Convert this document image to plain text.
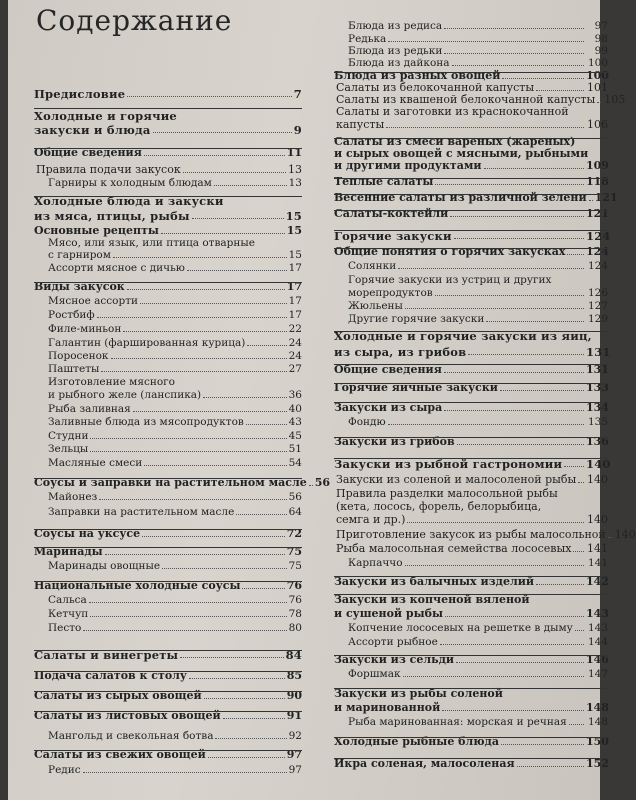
Содержание
Предисловие	7
Холодные и горячие
закуски и блюда	9
Общие сведения	11
Правила подачи закусок	13
Гарниры к холодным блюдам	13
Холодные блюда и закуски
из мяса, птицы, рыбы	15
Основные рецепты	15
Мясо, или язык, или птица отварные
с гарниром	15
Ассорти мясное с дичью	17
Виды закусок	17
Мясное ассорти	17
Ростбиф	17
Филе-миньон	22
Галантин (фаршированная курица)	24
Поросенок	24
Паштеты	27
Изготовление мясного
и рыбного желе (ланспика)	36
Рыба заливная	40
Заливные блюда из мясопродуктов	43
Студни	45
Зельцы	51
Масляные смеси	54
Соусы и заправки на растительном масле 56
Майонез	56
Заправки на растительном масле	64
Соусы на уксусе	72
Маринады	75
Маринады овощные	75
Национальные холодные соусы	76
Сальса	76
Кетчуп	78
Песто	80
Салаты и винегреты	84
Подача салатов к столу	85
Салаты из сырых овощей	90
Салаты из листовых овощей	91
Мангольд и свекольная ботва	92
Салаты из свежих овощей	97
Редис	97
Блюда из редиса	97
Редька	98
Блюда из редьки	99
Блюда из дайкона	100
Блюда из разных овощей	100
Салаты из белокочанной капусты	101
Салаты из квашеной белокочанной капусты 105
Салаты и заготовки из краснокочанной
капусты	106
Салаты из смеси вареных (жареных)
и сырых овощей с мясными, рыбными
и другими продуктами	109
Теплые салаты	118
Весенние салаты из различной зелени 121
Салаты-коктейли	121
Горячие закуски	124
Общие понятия о горячих закусках 124
Солянки	124
Горячие закуски из устриц и других
морепродуктов	126
Жюльены	127
Другие горячие закуски	129
Холодные и горячие закуски из яиц,
из сыра, из грибов	131
Общие сведения	131
Горячие яичные закуски	133
Закуски из сыра	134
Фондю	135
Закуски из грибов	136
Закуски из рыбной гастрономии 140
Закуски из соленой и малосоленой рыбы 140
Правила разделки малосольной рыбы
(кета, лосось, форель, белорыбица,
семга и др.)	140
Приготовление закусок из рыбы малосольной 140
Рыба малосольная семейства лососевых 141
Карпаччо	141
Закуски из балычных изделий	142
Закуски из копченой вяленой
и сушеной рыбы	143
Копчение лососевых на решетке в дыму 143
Ассорти рыбное	144
Закуски из сельди	146
Форшмак	147
Закуски из рыбы соленой
и маринованной	148
Рыба маринованная: морская и речная 148
Холодные рыбные блюда	150
Икра соленая, малосоленая	152
